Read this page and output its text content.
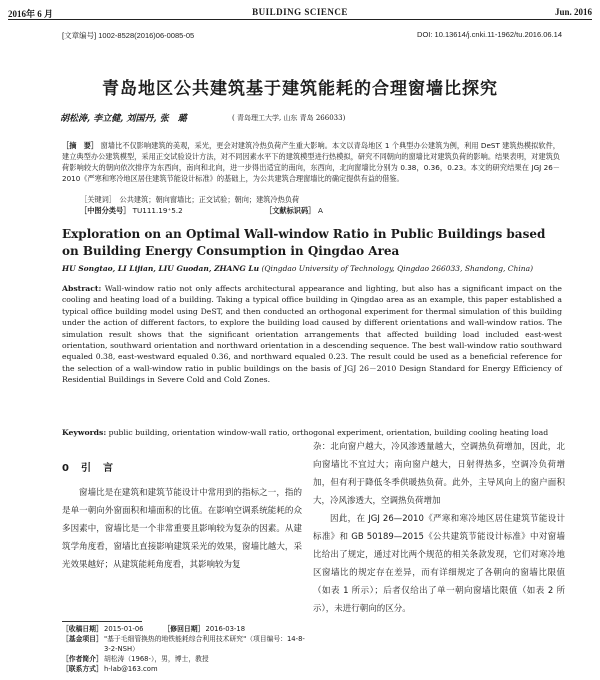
2016年 6 月	BUILDING SCIENCE	Jun. 2016
[文章编号] 1002-8528(2016)06-0085-05	DOI: 10.13614/j.cnki.11-1962/tu.2016.06.14
青岛地区公共建筑基于建筑能耗的合理窗墙比探究
胡松涛, 李立健, 刘国丹, 张　璐	( 青岛理工大学, 山东 青岛 266033)
［摘　要］ 窗墙比不仅影响建筑的美观，采光，更会对建筑冷热负荷产生重大影响。本文以青岛地区 1 个典型办公建筑为例，利用 DeST 建筑热模拟软件，建立典型办公建筑模型，采用正交试验设计方法，对不同因素水平下的建筑模型进行热模拟，研究不同朝向的窗墙比对建筑负荷的影响。结果表明，对建筑负荷影响较大的朝向依次排序为东西向，南向和北向，进一步得出适宜的南向，东西向，北向窗墙比分别为 0.38，0.36，0.23。本文的研究结果在 JGJ 26－2010《严寒和寒冷地区居住建筑节能设计标准》的基础上，为公共建筑合理窗墙比的确定提供有益的借鉴。
［关键词］　公共建筑；朝向窗墙比；正交试验；朝向；建筑冷热负荷
［中图分类号］ TU111.19⁺5.2	［文献标识码］ A
Exploration on an Optimal Wall-window Ratio in Public Buildings based on Building Energy Consumption in Qingdao Area
HU Songtao, LI Lijian, LIU Guodan, ZHANG Lu (Qingdao University of Technology, Qingdao 266033, Shandong, China)
Abstract: Wall-window ratio not only affects architectural appearance and lighting, but also has a significant impact on the cooling and heating load of a building. Taking a typical office building in Qingdao area as an example, this paper established a typical office building model using DeST, and then conducted an orthogonal experiment for thermal simulation of this building under the action of different factors, to explore the building load caused by different orientations and wall-window ratios. The simulation result shows that the significant orientation arrangements that affected building load included east-west orientation, southward orientation and northward orientation in a descending sequence. The best wall-window ratio southward equaled 0.38, east-westward equaled 0.36, and northward equaled 0.23. The result could be used as a beneficial reference for the selection of a wall-window ratio in public buildings on the basis of JGJ 26－2010 Design Standard for Energy Efficiency of Residential Buildings in Severe Cold and Cold Zones.
Keywords: public building, orientation window-wall ratio, orthogonal experiment, orientation, building cooling heating load
0　引　言
窗墙比是在建筑和建筑节能设计中常用到的指标之一，指的是单一朝向外窗面积和墙面积的比值。在影响空调系统能耗的众多因素中，窗墙比是一个非常重要且影响较为复杂的因素。从建筑学角度看，窗墙比直接影响建筑采光的效果，窗墙比越大，采光效果越好；从建筑能耗角度看，其影响较为复
杂：北向窗户越大，冷风渗透量越大，空调热负荷增加，因此，北向窗墙比不宜过大；南向窗户越大，日射得热多，空调冷负荷增加，但有利于降低冬季供暖热负荷。此外，主导风向上的窗户面积大，冷风渗透大，空调热负荷增加
因此，在 JGJ 26—2010《严寒和寒冷地区居住建筑节能设计标准》和 GB 50189—2015《公共建筑节能设计标准》中对窗墙比给出了规定，通过对比两个规范的相关条款发现，它们对寒冷地区窗墙比的规定存在差异，而有详细规定了各朝向的窗墙比限值（如表 1 所示）；后者仅给出了单一朝向窗墙比限值（如表 2 所示），未进行朝向的区分。
［收稿日期］ 2015-01-06	［修回日期］ 2016-03-18
［基金项目］ "基于毛细管换热的地铁能耗综合利用技术研究"（项目编号：14-8-3-2-NSH）
［作者简介］ 胡松涛（1968-），男，博士，教授
［联系方式］ h-lab@163.com
